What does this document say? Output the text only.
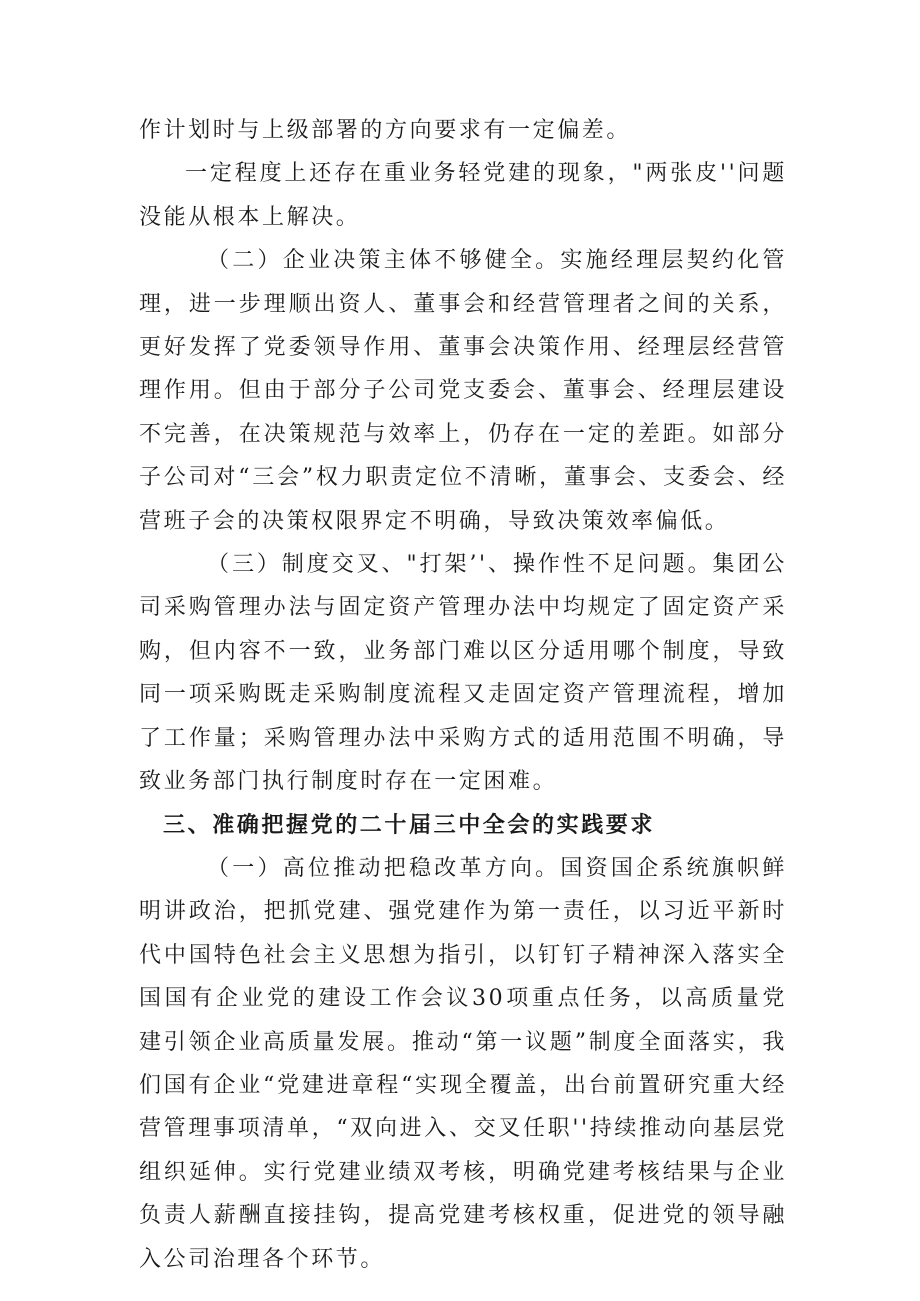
作计划时与上级部署的方向要求有一定偏差。

一定程度上还存在重业务轻党建的现象，"两张皮''问题没能从根本上解决。

（二）企业决策主体不够健全。实施经理层契约化管理，进一步理顺出资人、董事会和经营管理者之间的关系，更好发挥了党委领导作用、董事会决策作用、经理层经营管理作用。但由于部分子公司党支委会、董事会、经理层建设不完善，在决策规范与效率上，仍存在一定的差距。如部分子公司对“三会”权力职责定位不清晰，董事会、支委会、经营班子会的决策权限界定不明确，导致决策效率偏低。

（三）制度交叉、"打架’'、操作性不足问题。集团公司采购管理办法与固定资产管理办法中均规定了固定资产采购，但内容不一致，业务部门难以区分适用哪个制度，导致同一项采购既走采购制度流程又走固定资产管理流程，增加了工作量；采购管理办法中采购方式的适用范围不明确，导致业务部门执行制度时存在一定困难。

三、准确把握党的二十届三中全会的实践要求

（一）高位推动把稳改革方向。国资国企系统旗帜鲜明讲政治，把抓党建、强党建作为第一责任，以习近平新时代中国特色社会主义思想为指引，以钉钉子精神深入落实全国国有企业党的建设工作会议30项重点任务，以高质量党建引领企业高质量发展。推动“第一议题”制度全面落实，我们国有企业“党建进章程“实现全覆盖，出台前置研究重大经营管理事项清单，“双向进入、交叉任职''持续推动向基层党组织延伸。实行党建业绩双考核，明确党建考核结果与企业负责人薪酬直接挂钩，提高党建考核权重，促进党的领导融入公司治理各个环节。
